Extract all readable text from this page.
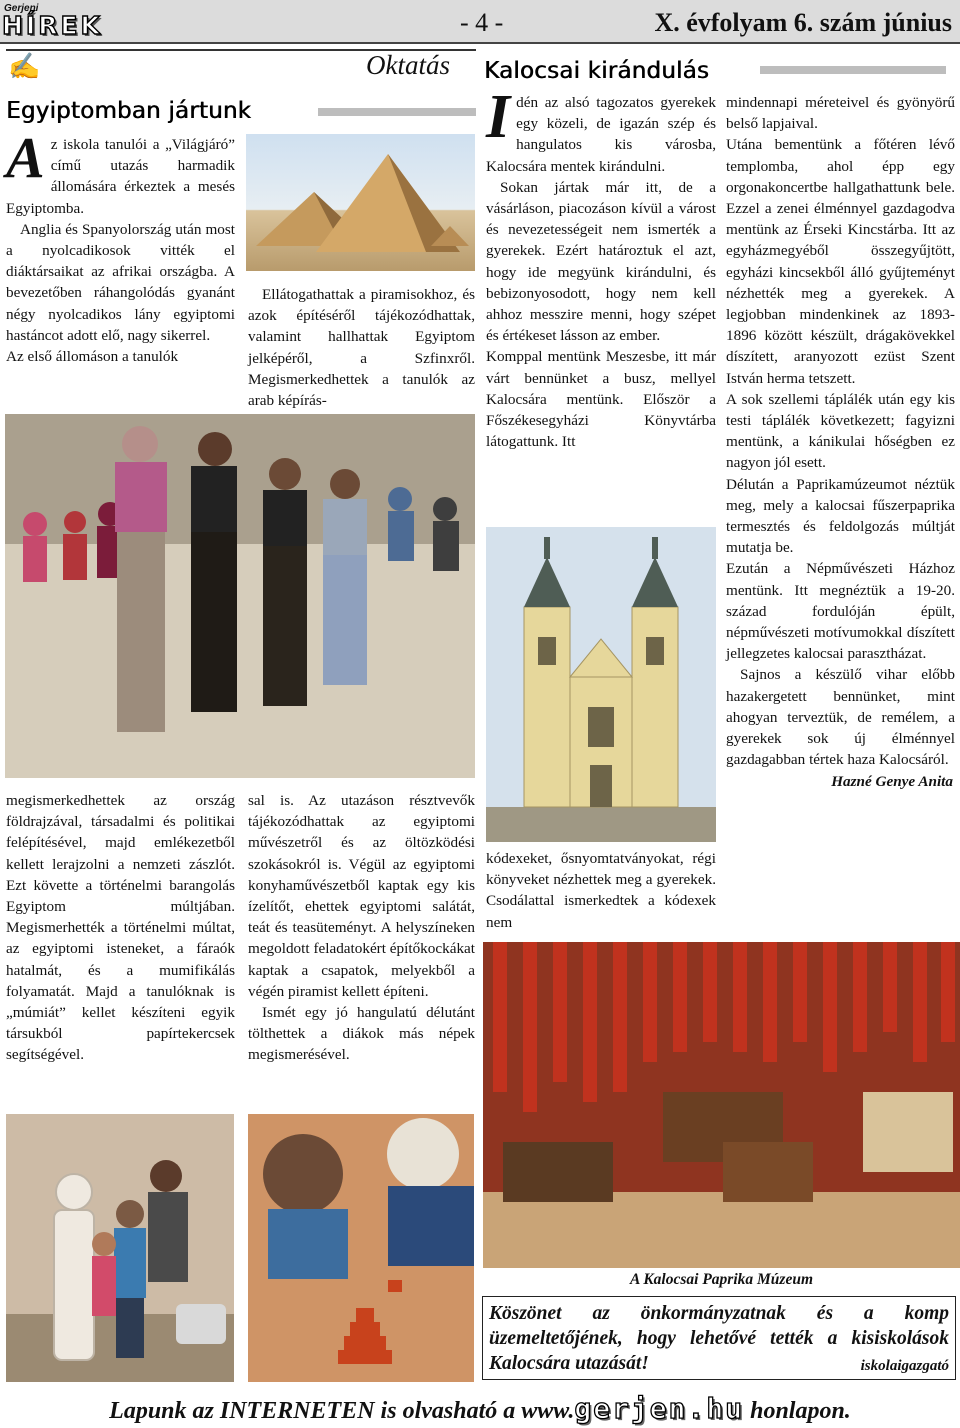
Gerjeni
HÍREK	- 4 -	X. évfolyam 6. szám június
✍	Oktatás
Egyiptomban jártunk
A z iskola tanulói a „Világjáró” című utazás harmadik állomására érkeztek a mesés Egyiptomba.

Anglia és Spanyolország után most a nyolcadikosok vitték el diáktársaikat az afrikai országba. A bevezetőben ráhangolódás gyanánt négy nyolcadikos lány egyiptomi hastáncot adott elő, nagy sikerrel.

Az első állomáson a tanulók

Ellátogathattak a piramisokhoz, és azok építéséről tájékozódhattak, valamint hallhattak Egyiptom jelképéről, a Szfinxről. Megismerkedhettek a tanulók az arab képírás-

megismerkedhettek az ország földrajzával, társadalmi és politikai felépítésével, majd emlékezetből kellett lerajzolni a nemzeti zászlót. Ezt követte a történelmi barangolás Egyiptom múltjában. Megismerhették a történelmi múltat, az egyiptomi isteneket, a fáraók hatalmát, és a mumifikálás folyamatát. Majd a tanulóknak is „múmiát” kellet készíteni egyik társukból papírtekercsek segítségével.

sal is. Az utazáson résztvevők tájékozódhattak az egyiptomi művészetről és az öltözködési szokásokról is. Végül az egyiptomi konyhaművészetből kaptak egy kis ízelítőt, ehettek egyiptomi salátát, teát és teasüteményt. A helyszíneken megoldott feladatokért építőkockákat kaptak a csapatok, melyekből a végén piramist kellett építeni.

Ismét egy jó hangulatú délutánt tölthettek a diákok más népek megismerésével.

Kalocsai kirándulás
I dén az alsó tagozatos gyerekek egy közeli, de igazán szép és hangulatos kis városba, Kalocsára mentek kirándulni.

Sokan jártak már itt, de a vásárláson, piacozáson kívül a várost és nevezetességeit nem ismerték a gyerekek. Ezért határoztuk el azt, hogy ide megyünk kirándulni, és bebizonyosodott, hogy nem kell ahhoz messzire menni, hogy szépet és értékeset lásson az ember.

Komppal mentünk Meszesbe, itt már várt bennünket a busz, mellyel Kalocsára mentünk. Először a Főszékesegyházi Könyvtárba látogattunk. Itt

kódexeket, ősnyomtatványokat, régi könyveket nézhettek meg a gyerekek. Csodálattal ismerkedtek a kódexek nem

mindennapi méreteivel és gyönyörű belső lapjaival.

Utána bementünk a főtéren lévő templomba, ahol épp egy orgonakoncertbe hallgathattunk bele. Ezzel a zenei élménnyel gazdagodva mentünk az Érseki Kincstárba. Itt az egyházmegyéből összegyűjtött, egyházi kincsekből álló gyűjteményt nézhették meg a gyerekek. A legjobban mindenkinek az 1893-1896 között készült, drágakövekkel díszített, aranyozott ezüst Szent István herma tetszett.

A sok szellemi táplálék után egy kis testi táplálék következett; fagyizni mentünk, a kánikulai hőségben ez nagyon jól esett.

Délután a Paprikamúzeumot néztük meg, mely a kalocsai fűszerpaprika termesztés és feldolgozás múltját mutatja be.

Ezután a Népművészeti Házhoz mentünk. Itt megnéztük a 19-20. század fordulóján épült, népművészeti motívumokkal díszített jellegzetes kalocsai parasztházat.

Sajnos a készülő vihar előbb hazakergetett bennünket, mint ahogyan terveztük, de remélem, a gyerekek sok új élménnyel gazdagabban tértek haza Kalocsáról.

Hazné Genye Anita

A Kalocsai Paprika Múzeum
Köszönet az önkormányzatnak és a komp üzemeltetőjének, hogy lehetővé tették a kisiskolások Kalocsára utazását!	iskolaigazgató
Lapunk az INTERNETEN is olvasható a www.gerjen.hu honlapon.
